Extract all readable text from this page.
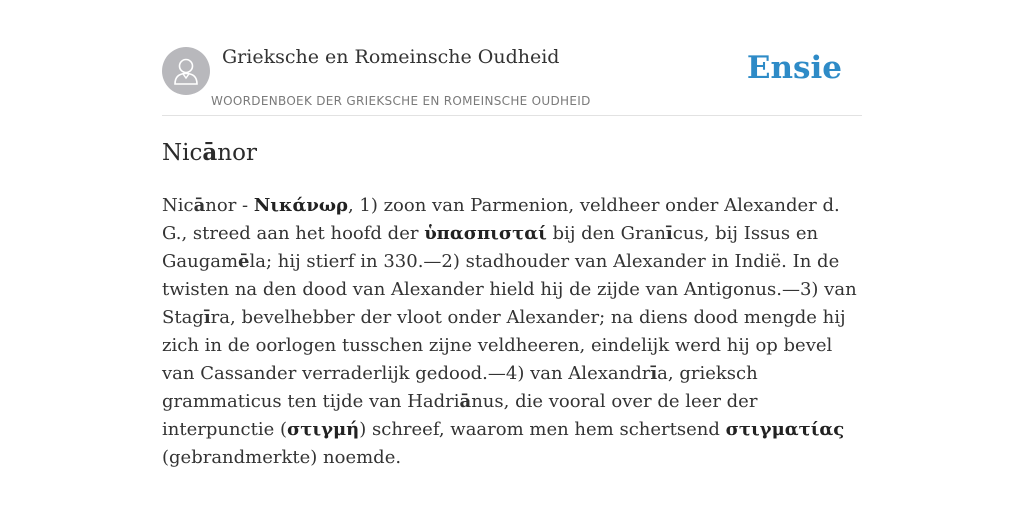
Grieksche en Romeinsche Oudheid
WOORDENBOEK DER GRIEKSCHE EN ROMEINSCHE OUDHEID
Ensie
Nicānor
Nicānor - Νικάνωρ, 1) zoon van Parmenion, veldheer onder Alexander d. G., streed aan het hoofd der ὑπασπισταί bij den Granīcus, bij Issus en Gaugamēla; hij stierf in 330.—2) stadhouder van Alexander in Indië. In de twisten na den dood van Alexander hield hij de zijde van Antigonus.—3) van Stagīra, bevelhebber der vloot onder Alexander; na diens dood mengde hij zich in de oorlogen tusschen zijne veldheeren, eindelijk werd hij op bevel van Cassander verraderlijk gedood.—4) van Alexandrīa, grieksch grammaticus ten tijde van Hadriānus, die vooral over de leer der interpunctie (στιγμή) schreef, waarom men hem schertsend στιγματίας (gebrandmerkte) noemde.
